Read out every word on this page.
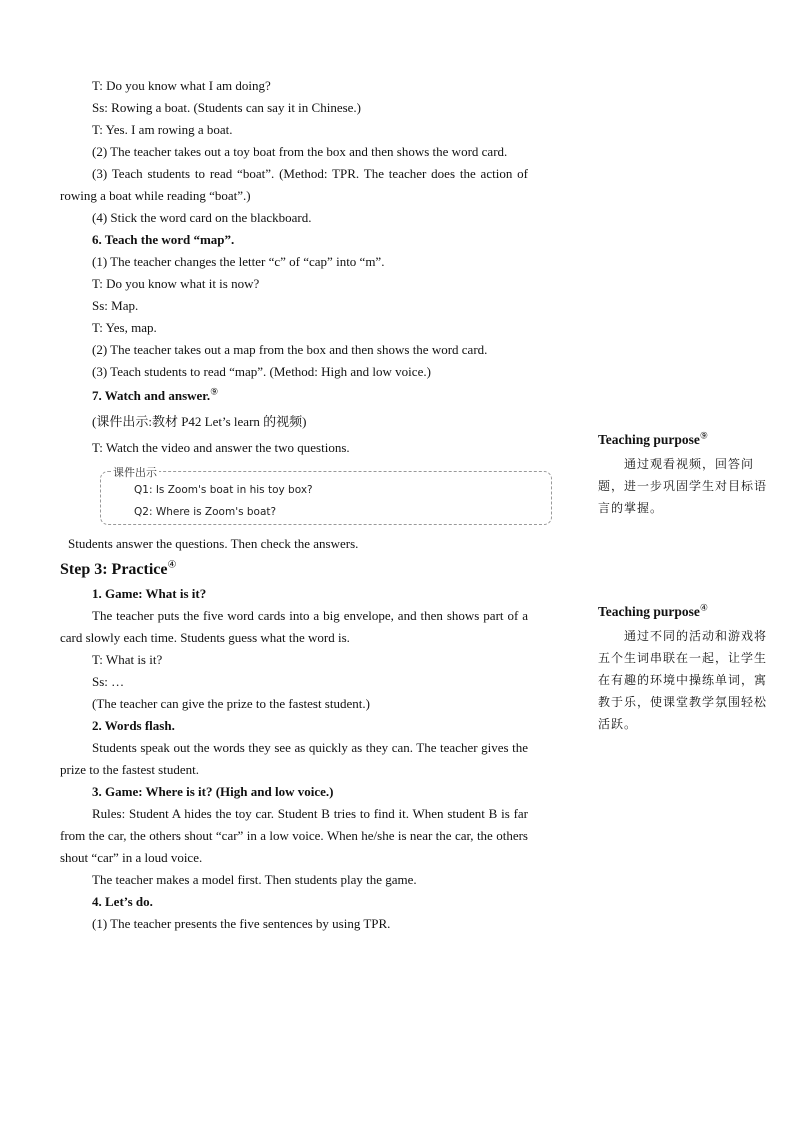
T: Do you know what I am doing?

Ss: Rowing a boat. (Students can say it in Chinese.)

T: Yes. I am rowing a boat.

(2) The teacher takes out a toy boat from the box and then shows the word card.

(3) Teach students to read “boat”. (Method: TPR. The teacher does the action of rowing a boat while reading “boat”.)

(4) Stick the word card on the blackboard.

6. Teach the word “map”.

(1) The teacher changes the letter “c” of “cap” into “m”.

T: Do you know what it is now?

Ss: Map.

T: Yes, map.

(2) The teacher takes out a map from the box and then shows the word card.

(3) Teach students to read “map”. (Method: High and low voice.)

7. Watch and answer.⑨

(课件出示:教材 P42 Let’s learn 的视频)

T: Watch the video and answer the two questions.

课件出示
Q1: Is Zoom's boat in his toy box?
Q2: Where is Zoom's boat?

Students answer the questions. Then check the answers.

Step 3: Practice④

1. Game: What is it?

The teacher puts the five word cards into a big envelope, and then shows part of a card slowly each time. Students guess what the word is.

T: What is it?

Ss: …

(The teacher can give the prize to the fastest student.)

2. Words flash.

Students speak out the words they see as quickly as they can. The teacher gives the prize to the fastest student.

3. Game: Where is it? (High and low voice.)

Rules: Student A hides the toy car. Student B tries to find it. When student B is far from the car, the others shout “car” in a low voice. When he/she is near the car, the others shout “car” in a loud voice.

The teacher makes a model first. Then students play the game.

4. Let’s do.

(1) The teacher presents the five sentences by using TPR.

Teaching purpose⑨

通过观看视频，回答问题，进一步巩固学生对目标语言的掌握。

Teaching purpose④

通过不同的活动和游戏将五个生词串联在一起，让学生在有趣的环境中操练单词，寓教于乐，使课堂教学氛围轻松活跃。
